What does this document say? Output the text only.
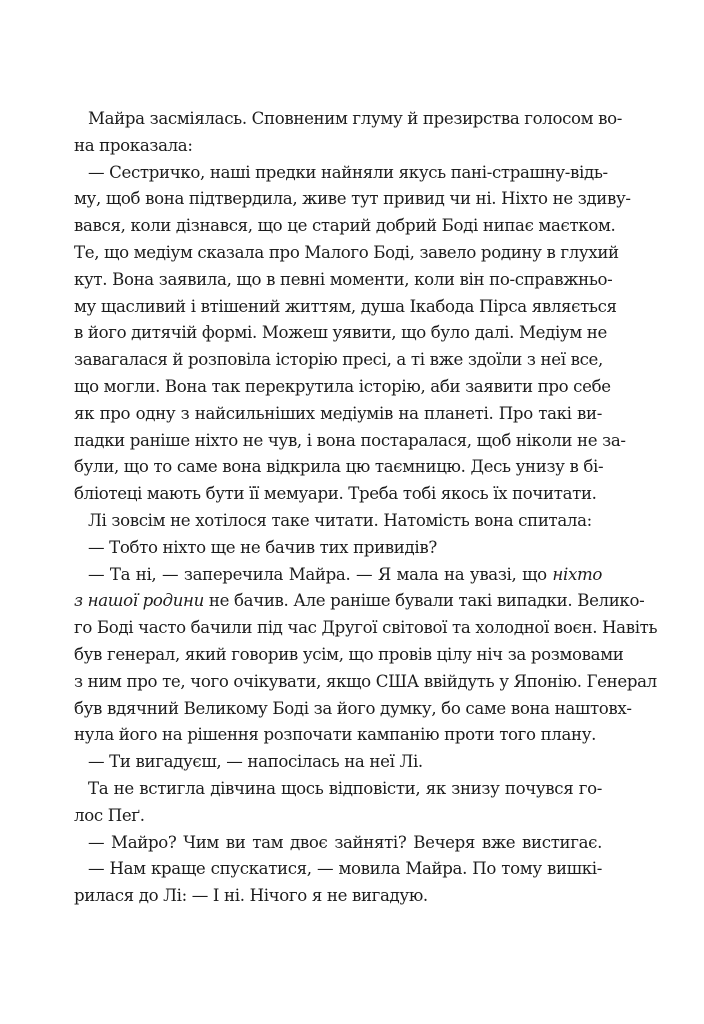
Майра засміялась. Сповненим глуму й презирства голосом во-
на проказала:
— Сестричко, наші предки найняли якусь пані-страшну-відь-
му, щоб вона підтвердила, живе тут привид чи ні. Ніхто не здиву-
вався, коли дізнався, що це старий добрий Боді нипає маєтком.
Те, що медіум сказала про Малого Боді, завело родину в глухий
кут. Вона заявила, що в певні моменти, коли він по-справжньо-
му щасливий і втішений життям, душа Ікабода Пірса являється
в його дитячій формі. Можеш уявити, що було далі. Медіум не
завагалася й розповіла історію пресі, а ті вже здоїли з неї все,
що могли. Вона так перекрутила історію, аби заявити про себе
як про одну з найсильніших медіумів на планеті. Про такі ви-
падки раніше ніхто не чув, і вона постаралася, щоб ніколи не за-
були, що то саме вона відкрила цю таємницю. Десь унизу в бі-
бліотеці мають бути її мемуари. Треба тобі якось їх почитати.
Лі зовсім не хотілося таке читати. Натомість вона спитала:
— Тобто ніхто ще не бачив тих привидів?
— Та ні, — заперечила Майра. — Я мала на увазі, що ніхто
з нашої родини не бачив. Але раніше бували такі випадки. Велико-
го Боді часто бачили під час Другої світової та холодної воєн. Навіть
був генерал, який говорив усім, що провів цілу ніч за розмовами
з ним про те, чого очікувати, якщо США ввійдуть у Японію. Генерал
був вдячний Великому Боді за його думку, бо саме вона наштовх-
нула його на рішення розпочати кампанію проти того плану.
— Ти вигадуєш, — напосілась на неї Лі.
Та не встигла дівчина щось відповісти, як знизу почувся го-
лос Пеґ.
— Майро? Чим ви там двоє зайняті? Вечеря вже вистигає.
— Нам краще спускатися, — мовила Майра. По тому вишкі-
рилася до Лі: — І ні. Нічого я не вигадую.
